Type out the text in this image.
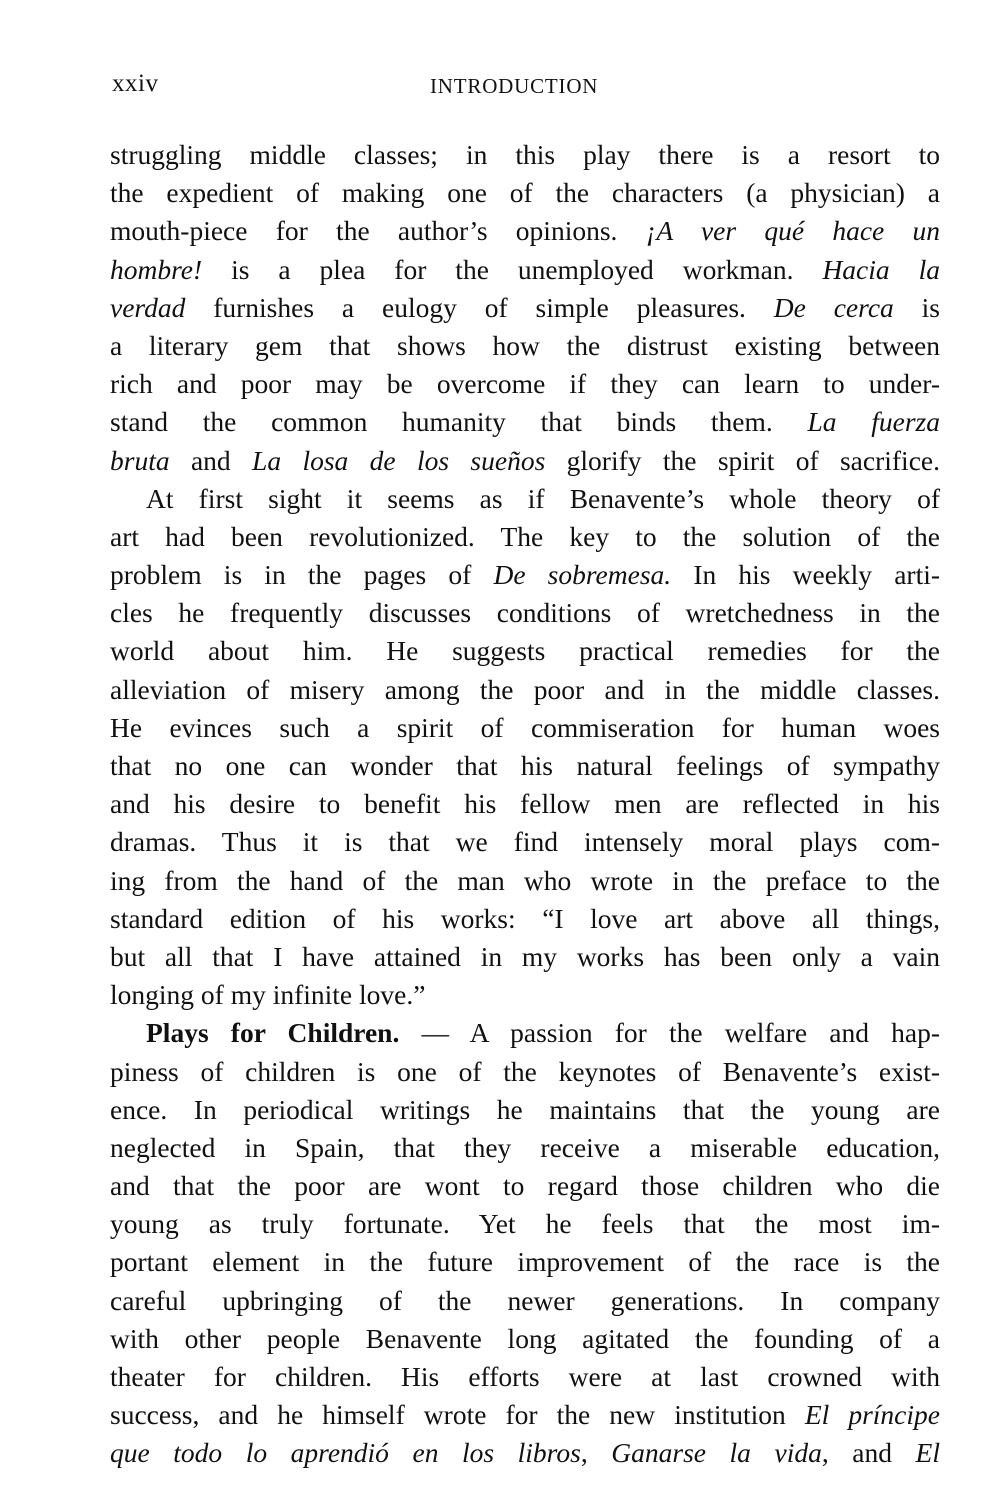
xxiv	INTRODUCTION
struggling middle classes; in this play there is a resort to
the expedient of making one of the characters (a physician) a
mouth-piece for the author’s opinions. ¡A ver qué hace un
hombre! is a plea for the unemployed workman. Hacia la
verdad furnishes a eulogy of simple pleasures. De cerca is
a literary gem that shows how the distrust existing between
rich and poor may be overcome if they can learn to under-
stand the common humanity that binds them. La fuerza
bruta and La losa de los sueños glorify the spirit of sacrifice.
At first sight it seems as if Benavente’s whole theory of
art had been revolutionized. The key to the solution of the
problem is in the pages of De sobremesa. In his weekly arti-
cles he frequently discusses conditions of wretchedness in the
world about him. He suggests practical remedies for the
alleviation of misery among the poor and in the middle classes.
He evinces such a spirit of commiseration for human woes
that no one can wonder that his natural feelings of sympathy
and his desire to benefit his fellow men are reflected in his
dramas. Thus it is that we find intensely moral plays com-
ing from the hand of the man who wrote in the preface to the
standard edition of his works: “I love art above all things,
but all that I have attained in my works has been only a vain
longing of my infinite love.”
Plays for Children. — A passion for the welfare and hap-
piness of children is one of the keynotes of Benavente’s exist-
ence. In periodical writings he maintains that the young are
neglected in Spain, that they receive a miserable education,
and that the poor are wont to regard those children who die
young as truly fortunate. Yet he feels that the most im-
portant element in the future improvement of the race is the
careful upbringing of the newer generations. In company
with other people Benavente long agitated the founding of a
theater for children. His efforts were at last crowned with
success, and he himself wrote for the new institution El príncipe
que todo lo aprendió en los libros, Ganarse la vida, and El
